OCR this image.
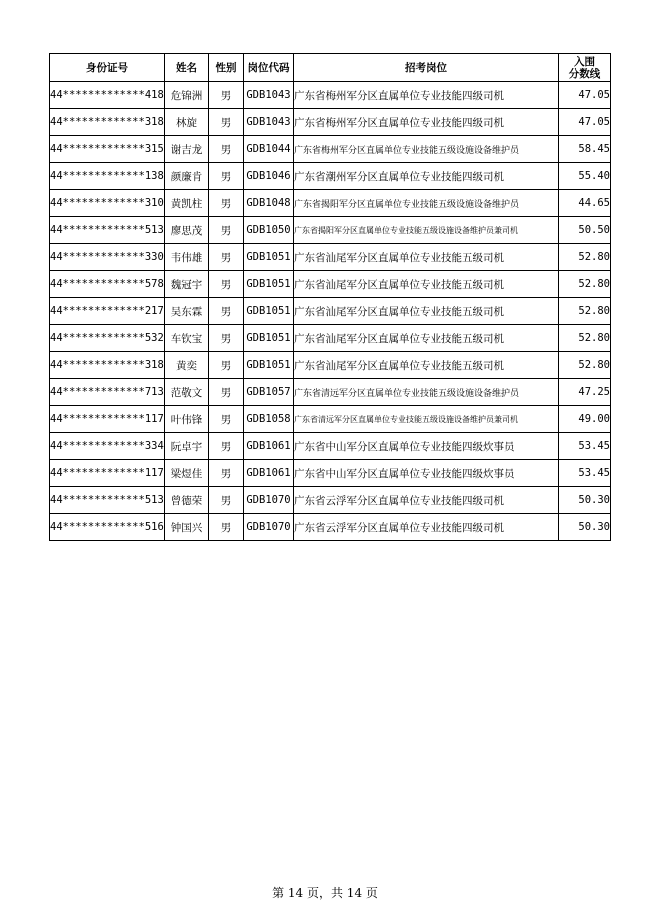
身份证号	姓名	性别	岗位代码	招考岗位	入围
分数线

44*************418	危锦洲	男	GDB1043	广东省梅州军分区直属单位专业技能四级司机	47.05
44*************318	林旋	男	GDB1043	广东省梅州军分区直属单位专业技能四级司机	47.05
44*************315	谢吉龙	男	GDB1044	广东省梅州军分区直属单位专业技能五级设施设备维护员	58.45
44*************138	颜廉肯	男	GDB1046	广东省潮州军分区直属单位专业技能四级司机	55.40
44*************310	黄凯柱	男	GDB1048	广东省揭阳军分区直属单位专业技能五级设施设备维护员	44.65
44*************513	廖思茂	男	GDB1050	广东省揭阳军分区直属单位专业技能五级设施设备维护员兼司机	50.50
44*************330	韦伟雄	男	GDB1051	广东省汕尾军分区直属单位专业技能五级司机	52.80
44*************578	魏冠宇	男	GDB1051	广东省汕尾军分区直属单位专业技能五级司机	52.80
44*************217	吴东霖	男	GDB1051	广东省汕尾军分区直属单位专业技能五级司机	52.80
44*************532	车钦宝	男	GDB1051	广东省汕尾军分区直属单位专业技能五级司机	52.80
44*************318	黄奕	男	GDB1051	广东省汕尾军分区直属单位专业技能五级司机	52.80
44*************713	范敬文	男	GDB1057	广东省清远军分区直属单位专业技能五级设施设备维护员	47.25
44*************117	叶伟锋	男	GDB1058	广东省清远军分区直属单位专业技能五级设施设备维护员兼司机	49.00
44*************334	阮卓宇	男	GDB1061	广东省中山军分区直属单位专业技能四级炊事员	53.45
44*************117	梁煜佳	男	GDB1061	广东省中山军分区直属单位专业技能四级炊事员	53.45
44*************513	曾德荣	男	GDB1070	广东省云浮军分区直属单位专业技能四级司机	50.30
44*************516	钟国兴	男	GDB1070	广东省云浮军分区直属单位专业技能四级司机	50.30
第 14 页，共 14 页
